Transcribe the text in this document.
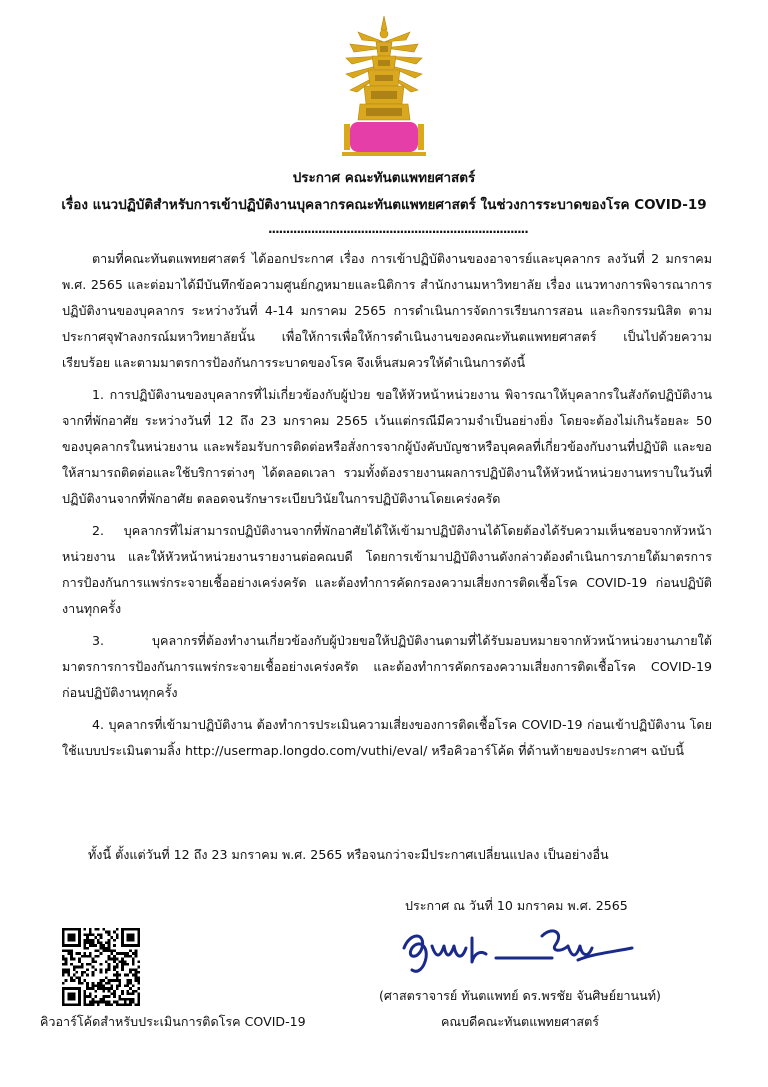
ประกาศ คณะทันตแพทยศาสตร์
เรื่อง แนวปฏิบัติสำหรับการเข้าปฏิบัติงานบุคลากรคณะทันตแพทยศาสตร์ ในช่วงการระบาดของโรค COVID-19
.........................................................................

ตามที่คณะทันตแพทยศาสตร์ ได้ออกประกาศ เรื่อง การเข้าปฏิบัติงานของอาจารย์และบุคลากร ลงวันที่ 2 มกราคม พ.ศ. 2565 และต่อมาได้มีบันทึกข้อความศูนย์กฎหมายและนิติการ สำนักงานมหาวิทยาลัย เรื่อง แนวทางการพิจารณาการปฏิบัติงานของบุคลากร ระหว่างวันที่ 4-14 มกราคม 2565 การดำเนินการจัดการเรียนการสอน และกิจกรรมนิสิต ตามประกาศจุฬาลงกรณ์มหาวิทยาลัยนั้น เพื่อให้การเพื่อให้การดำเนินงานของคณะทันตแพทยศาสตร์ เป็นไปด้วยความเรียบร้อย และตามมาตรการป้องกันการระบาดของโรค จึงเห็นสมควรให้ดำเนินการดังนี้

1. การปฏิบัติงานของบุคลากรที่ไม่เกี่ยวข้องกับผู้ป่วย ขอให้หัวหน้าหน่วยงาน พิจารณาให้บุคลากรในสังกัดปฏิบัติงานจากที่พักอาศัย ระหว่างวันที่ 12 ถึง 23 มกราคม 2565 เว้นแต่กรณีมีความจำเป็นอย่างยิ่ง โดยจะต้องไม่เกินร้อยละ 50 ของบุคลากรในหน่วยงาน และพร้อมรับการติดต่อหรือสั่งการจากผู้บังคับบัญชาหรือบุคคลที่เกี่ยวข้องกับงานที่ปฏิบัติ และขอให้สามารถติดต่อและใช้บริการต่างๆ ได้ตลอดเวลา รวมทั้งต้องรายงานผลการปฏิบัติงานให้หัวหน้าหน่วยงานทราบในวันที่ปฏิบัติงานจากที่พักอาศัย ตลอดจนรักษาระเบียบวินัยในการปฏิบัติงานโดยเคร่งครัด

2. บุคลากรที่ไม่สามารถปฏิบัติงานจากที่พักอาศัยได้ให้เข้ามาปฏิบัติงานได้โดยต้องได้รับความเห็นชอบจากหัวหน้าหน่วยงาน และให้หัวหน้าหน่วยงานรายงานต่อคณบดี โดยการเข้ามาปฏิบัติงานดังกล่าวต้องดำเนินการภายใต้มาตรการการป้องกันการแพร่กระจายเชื้ออย่างเคร่งครัด และต้องทำการคัดกรองความเสี่ยงการติดเชื้อโรค COVID-19 ก่อนปฏิบัติงานทุกครั้ง

3. บุคลากรที่ต้องทำงานเกี่ยวข้องกับผู้ป่วยขอให้ปฏิบัติงานตามที่ได้รับมอบหมายจากหัวหน้าหน่วยงานภายใต้มาตรการการป้องกันการแพร่กระจายเชื้ออย่างเคร่งครัด และต้องทำการคัดกรองความเสี่ยงการติดเชื้อโรค COVID-19 ก่อนปฏิบัติงานทุกครั้ง

4. บุคลากรที่เข้ามาปฏิบัติงาน ต้องทำการประเมินความเสี่ยงของการติดเชื้อโรค COVID-19 ก่อนเข้าปฏิบัติงาน โดยใช้แบบประเมินตามลิ้ง http://usermap.longdo.com/vuthi/eval/ หรือคิวอาร์โค้ด ที่ด้านท้ายของประกาศฯ ฉบับนี้

ทั้งนี้ ตั้งแต่วันที่ 12 ถึง 23 มกราคม พ.ศ. 2565 หรือจนกว่าจะมีประกาศเปลี่ยนแปลง เป็นอย่างอื่น
ประกาศ ณ วันที่ 10 มกราคม พ.ศ. 2565
(ศาสตราจารย์ ทันตแพทย์ ดร.พรชัย จันศิษย์ยานนท์)
คณบดีคณะทันตแพทยศาสตร์
คิวอาร์โค้ดสำหรับประเมินการติดโรค COVID-19
